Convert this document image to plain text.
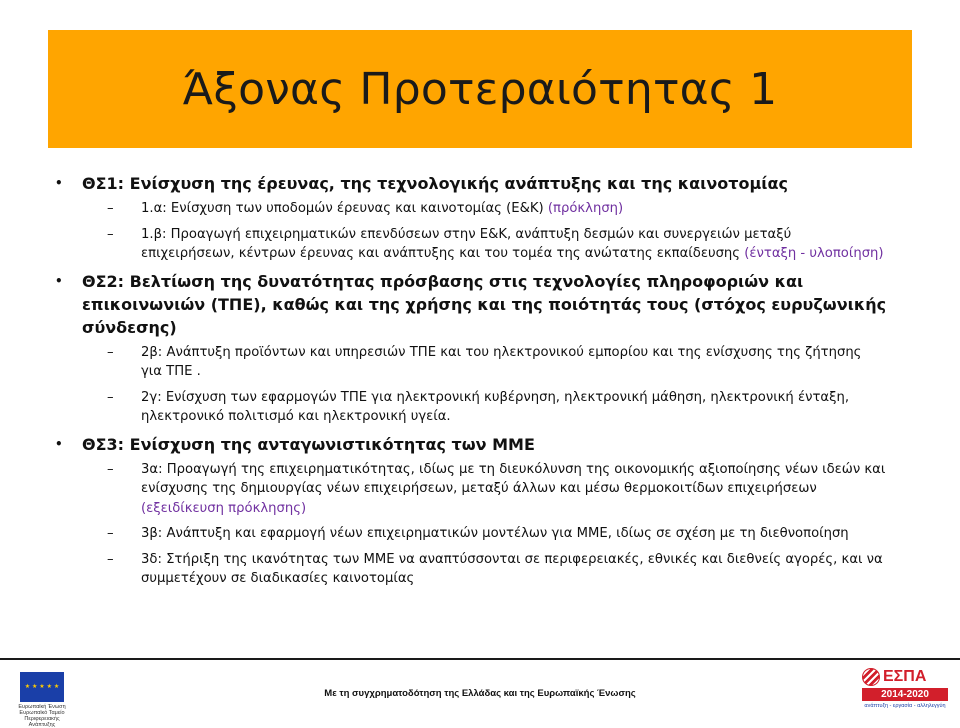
Άξονας Προτεραιότητας 1
• ΘΣ1: Ενίσχυση της έρευνας, της τεχνολογικής ανάπτυξης και της καινοτομίας
– 1.α: Ενίσχυση των υποδομών έρευνας και καινοτομίας (Ε&Κ) (πρόκληση)
– 1.β: Προαγωγή επιχειρηματικών επενδύσεων στην Ε&Κ, ανάπτυξη δεσμών και συνεργειών μεταξύ επιχειρήσεων, κέντρων έρευνας και ανάπτυξης και του τομέα της ανώτατης εκπαίδευσης (ένταξη - υλοποίηση)
• ΘΣ2: Βελτίωση της δυνατότητας πρόσβασης στις τεχνολογίες πληροφοριών και επικοινωνιών (ΤΠΕ), καθώς και της χρήσης και της ποιότητάς τους (στόχος ευρυζωνικής σύνδεσης)
– 2β: Ανάπτυξη προϊόντων και υπηρεσιών ΤΠΕ και του ηλεκτρονικού εμπορίου και της ενίσχυσης της ζήτησης για ΤΠΕ .
– 2γ: Ενίσχυση των εφαρμογών ΤΠΕ για ηλεκτρονική κυβέρνηση, ηλεκτρονική μάθηση, ηλεκτρονική ένταξη, ηλεκτρονικό πολιτισμό και ηλεκτρονική υγεία.
• ΘΣ3: Ενίσχυση της ανταγωνιστικότητας των ΜΜΕ
– 3α: Προαγωγή της επιχειρηματικότητας, ιδίως με τη διευκόλυνση της οικονομικής αξιοποίησης νέων ιδεών και ενίσχυσης της δημιουργίας νέων επιχειρήσεων, μεταξύ άλλων και μέσω θερμοκοιτίδων επιχειρήσεων (εξειδίκευση πρόκλησης)
– 3β: Ανάπτυξη και εφαρμογή νέων επιχειρηματικών μοντέλων για ΜΜΕ, ιδίως σε σχέση με τη διεθνοποίηση
– 3δ: Στήριξη της ικανότητας των ΜΜΕ να αναπτύσσονται σε περιφερειακές, εθνικές και διεθνείς αγορές, και να συμμετέχουν σε διαδικασίες καινοτομίας
★ ★ ★ ★ ★
Ευρωπαϊκή Ένωση Ευρωπαϊκό Ταμείο Περιφερειακής Ανάπτυξης
Με τη συγχρηματοδότηση της Ελλάδας και της Ευρωπαϊκής Ένωσης
ΕΣΠΑ
2014-2020
ανάπτυξη - εργασία - αλληλεγγύη
